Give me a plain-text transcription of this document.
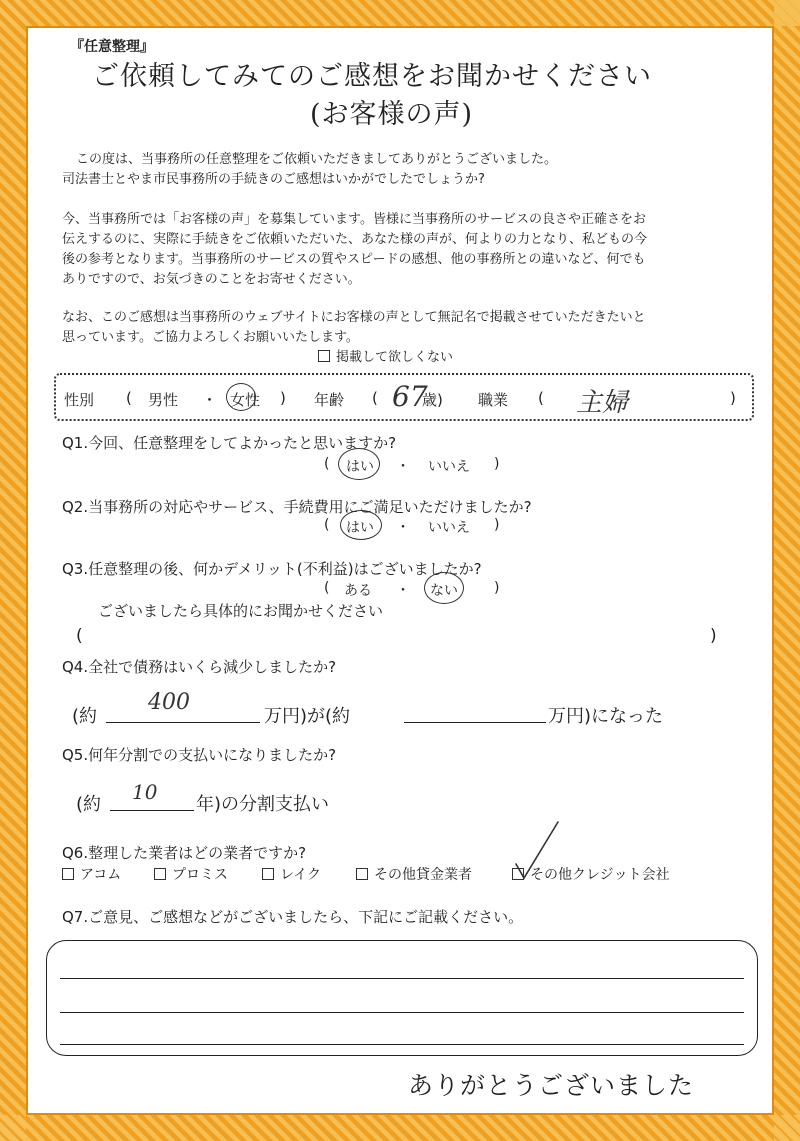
『任意整理』
ご依頼してみてのご感想をお聞かせください
(お客様の声)
この度は、当事務所の任意整理をご依頼いただきましてありがとうございました。
司法書士とやま市民事務所の手続きのご感想はいかがでしたでしょうか?
今、当事務所では「お客様の声」を募集しています。皆様に当事務所のサービスの良さや正確さをお
伝えするのに、実際に手続きをご依頼いただいた、あなた様の声が、何よりの力となり、私どもの今
後の参考となります。当事務所のサービスの質やスピードの感想、他の事務所との違いなど、何でも
ありですので、お気づきのことをお寄せください。
なお、このご感想は当事務所のウェブサイトにお客様の声として無記名で掲載させていただきたいと
思っています。ご協力よろしくお願いいたします。
掲載して欲しくない
性別 ( 男性 ・ 女性 ) 年齢 ( 67
歳) 職業 ( 主婦	)
Q1.今回、任意整理をしてよかったと思いますか?
( はい ・ いいえ )
Q2.当事務所の対応やサービス、手続費用にご満足いただけましたか?
( はい ・ いいえ )
Q3.任意整理の後、何かデメリット(不利益)はございましたか?
( ある ・ ない	)
ございましたら具体的にお聞かせください
(	)
Q4.全社で債務はいくら減少しましたか?
(約
400
万円)が(約	万円)になった
Q5.何年分割での支払いになりましたか?
(約
10
年)の分割支払い
Q6.整理した業者はどの業者ですか?
アコム	プロミス	レイク	その他貸金業者	その他クレジット会社
Q7.ご意見、ご感想などがございましたら、下記にご記載ください。
ありがとうございました
